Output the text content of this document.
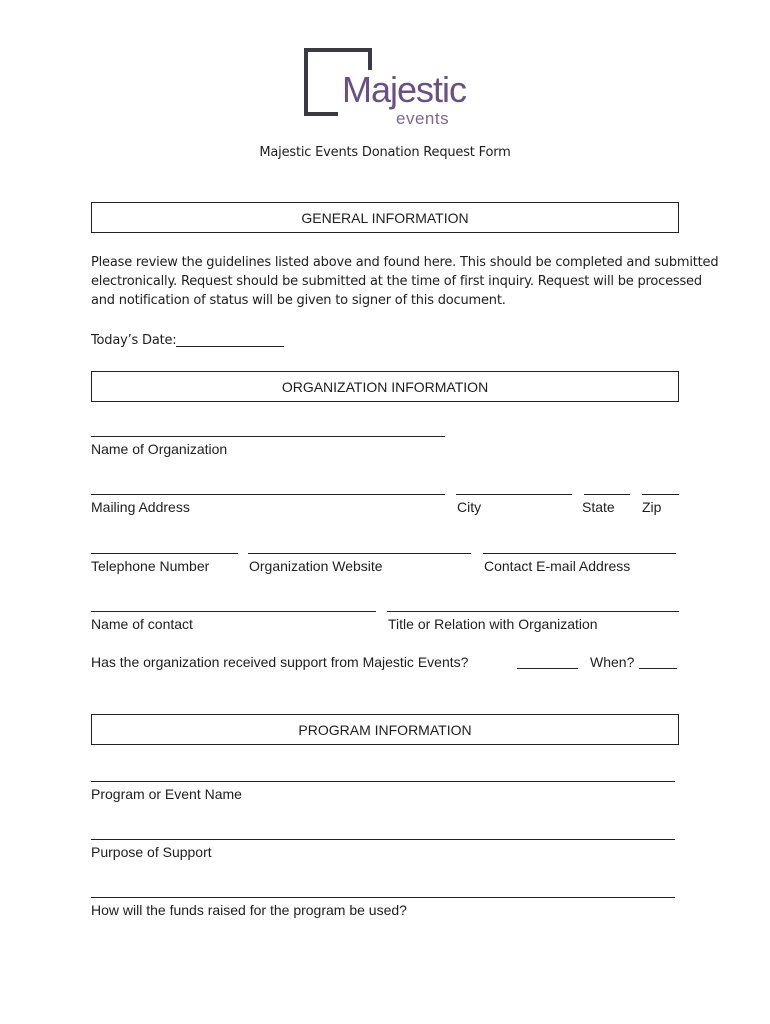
Majestic
events
Majestic Events Donation Request Form
GENERAL INFORMATION
Please review the guidelines listed above and found here. This should be completed and submitted
electronically. Request should be submitted at the time of first inquiry. Request will be processed
and notification of status will be given to signer of this document.
Today’s Date:
ORGANIZATION INFORMATION
Name of Organization
Mailing Address	City	State Zip
Telephone Number	Organization Website	Contact E-mail Address
Name of contact	Title or Relation with Organization
Has the organization received support from Majestic Events?	When?
PROGRAM INFORMATION
Program or Event Name
Purpose of Support
How will the funds raised for the program be used?
